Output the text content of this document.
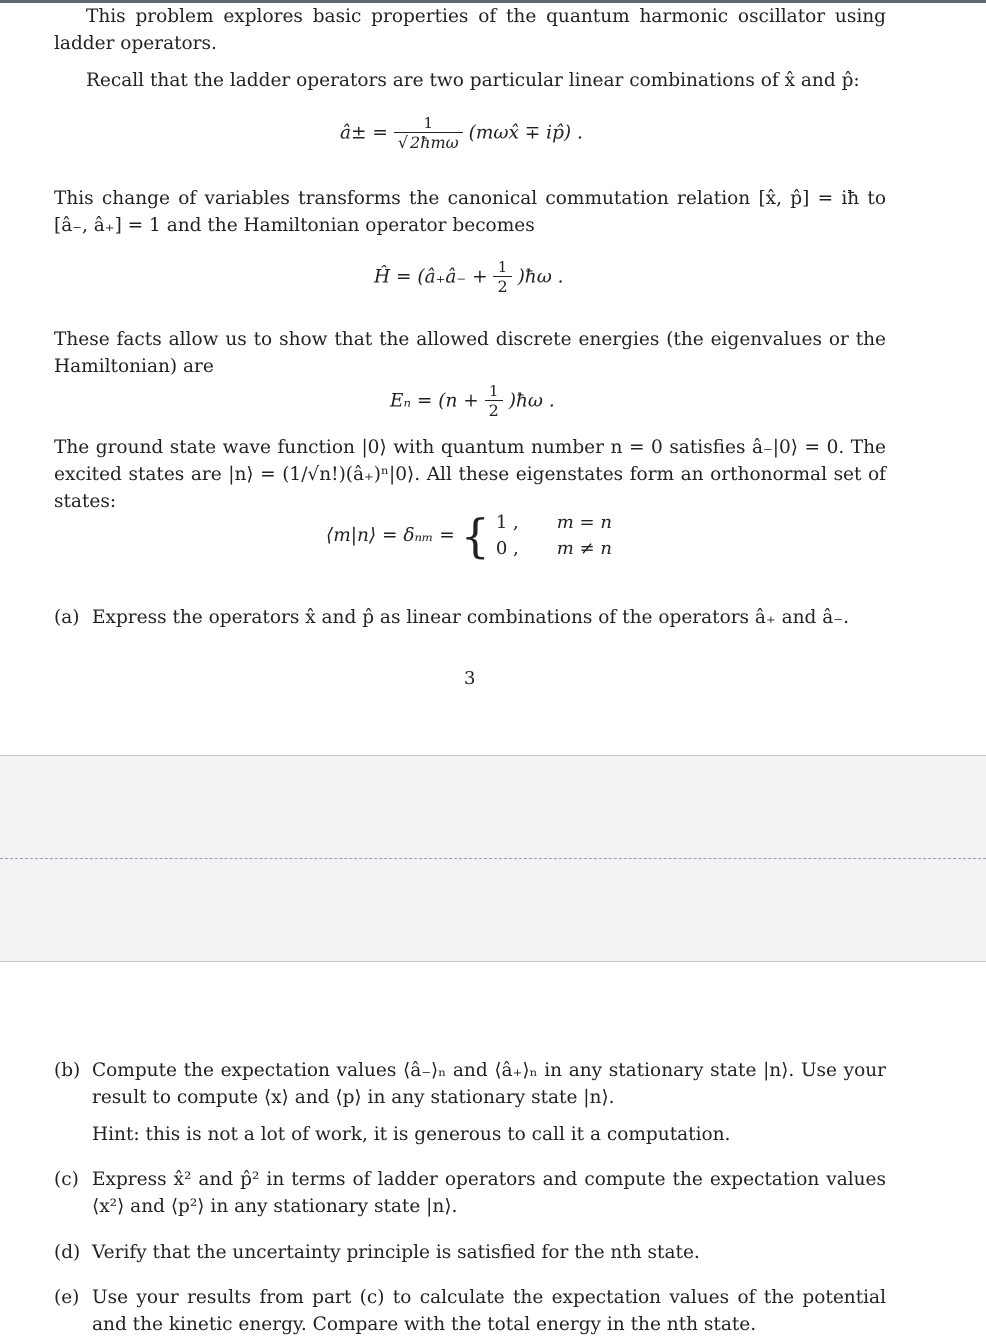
This problem explores basic properties of the quantum harmonic oscillator using ladder operators.
Recall that the ladder operators are two particular linear combinations of x̂ and p̂:
â± = $\frac{1}{\text{√ 2ħmω}}$ (mωx̂ ∓ ip̂) .
This change of variables transforms the canonical commutation relation [x̂, p̂] = iħ to [â₋, â₊] = 1 and the Hamiltonian operator becomes
Ĥ = (â₊â₋ + $\frac{1}{2}$ )ħω .
These facts allow us to show that the allowed discrete energies (the eigenvalues or the Hamiltonian) are
$E_n = (n + \frac{1}{2}$ )ħω .
The ground state wave function |0⟩ with quantum number n = 0 satisfies â₋|0⟩ = 0. The excited states are |n⟩ = (1/√n!)(â₊)ⁿ|0⟩. All these eigenstates form an orthonormal set of states:
⟨m|n⟩ = δₙₘ = { 1 , m = n
0 , m ≠ n
(a) Express the operators x̂ and p̂ as linear combinations of the operators â₊ and â₋.
3
(b) Compute the expectation values ⟨â₋⟩ₙ and ⟨â₊⟩ₙ in any stationary state |n⟩. Use your result to compute ⟨x⟩ and ⟨p⟩ in any stationary state |n⟩.
Hint: this is not a lot of work, it is generous to call it a computation.
(c) Express x̂² and p̂² in terms of ladder operators and compute the expectation values ⟨x²⟩ and ⟨p²⟩ in any stationary state |n⟩.
(d) Verify that the uncertainty principle is satisfied for the nth state.
(e) Use your results from part (c) to calculate the expectation values of the potential and the kinetic energy. Compare with the total energy in the nth state.
